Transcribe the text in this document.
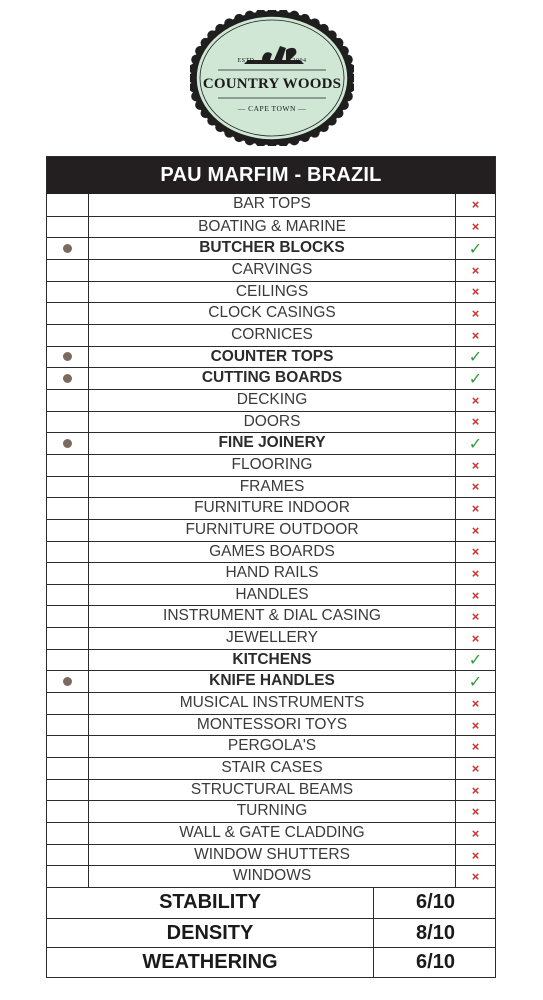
ESTD	2004
COUNTRY WOODS
— CAPE TOWN —
PAU MARFIM - BRAZIL
BAR TOPS	×
BOATING & MARINE	×
BUTCHER BLOCKS	✓
CARVINGS	×
CEILINGS	×
CLOCK CASINGS	×
CORNICES	×
COUNTER TOPS	✓
CUTTING BOARDS	✓
DECKING	×
DOORS	×
FINE JOINERY	✓
FLOORING	×
FRAMES	×
FURNITURE INDOOR	×
FURNITURE OUTDOOR	×
GAMES BOARDS	×
HAND RAILS	×
HANDLES	×
INSTRUMENT & DIAL CASING	×
JEWELLERY	×
KITCHENS	✓
KNIFE HANDLES	✓
MUSICAL INSTRUMENTS	×
MONTESSORI TOYS	×
PERGOLA'S	×
STAIR CASES	×
STRUCTURAL BEAMS	×
TURNING	×
WALL & GATE CLADDING	×
WINDOW SHUTTERS	×
WINDOWS	×
STABILITY	6/10
DENSITY	8/10
WEATHERING	6/10
